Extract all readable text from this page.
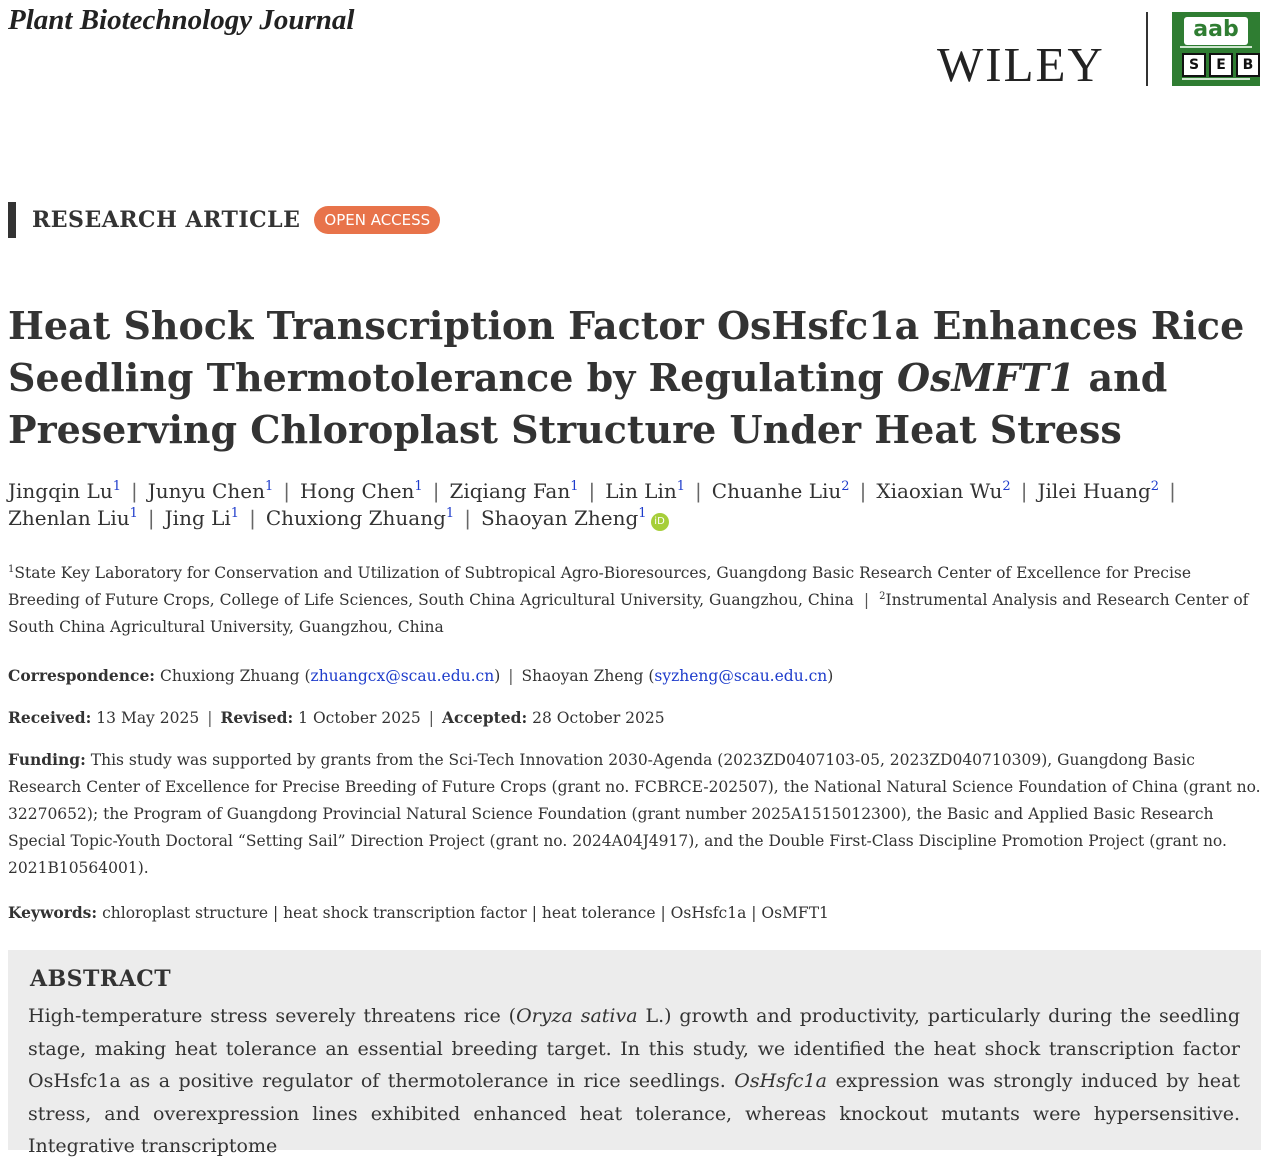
Plant Biotechnology Journal
WILEY
aab
S	E	B
RESEARCH ARTICLE	OPEN ACCESS
Heat Shock Transcription Factor OsHsfc1a Enhances Rice Seedling Thermotolerance by Regulating OsMFT1 and Preserving Chloroplast Structure Under Heat Stress
Jingqin Lu$^1$ | Junyu Chen$^1$ | Hong Chen$^1$ | Ziqiang Fan$^1$ | Lin Lin$^1$ | Chuanhe Liu$^2$ | Xiaoxian Wu$^2$ | Jilei Huang$^2$ |
Zhenlan Liu$^1$ | Jing Li$^1$ | Chuxiong Zhuang$^1$ | Shaoyan Zheng$^1$iD
$^1$State Key Laboratory for Conservation and Utilization of Subtropical Agro-Bioresources, Guangdong Basic Research Center of Excellence for Precise Breeding of Future Crops, College of Life Sciences, South China Agricultural University, Guangzhou, China | $^2$Instrumental Analysis and Research Center of South China Agricultural University, Guangzhou, China
Correspondence: Chuxiong Zhuang (zhuangcx@scau.edu.cn) | Shaoyan Zheng (syzheng@scau.edu.cn)
Received: 13 May 2025 | Revised: 1 October 2025 | Accepted: 28 October 2025
Funding: This study was supported by grants from the Sci-Tech Innovation 2030-Agenda (2023ZD0407103-05, 2023ZD040710309), Guangdong Basic Research Center of Excellence for Precise Breeding of Future Crops (grant no. FCBRCE-202507), the National Natural Science Foundation of China (grant no. 32270652); the Program of Guangdong Provincial Natural Science Foundation (grant number 2025A1515012300), the Basic and Applied Basic Research Special Topic-Youth Doctoral “Setting Sail” Direction Project (grant no. 2024A04J4917), and the Double First-Class Discipline Promotion Project (grant no. 2021B10564001).
Keywords: chloroplast structure | heat shock transcription factor | heat tolerance | OsHsfc1a | OsMFT1
ABSTRACT

High-temperature stress severely threatens rice (Oryza sativa L.) growth and productivity, particularly during the seedling stage, making heat tolerance an essential breeding target. In this study, we identified the heat shock transcription factor OsHsfc1a as a positive regulator of thermotolerance in rice seedlings. OsHsfc1a expression was strongly induced by heat stress, and overexpression lines exhibited enhanced heat tolerance, whereas knockout mutants were hypersensitive. Integrative transcriptome
